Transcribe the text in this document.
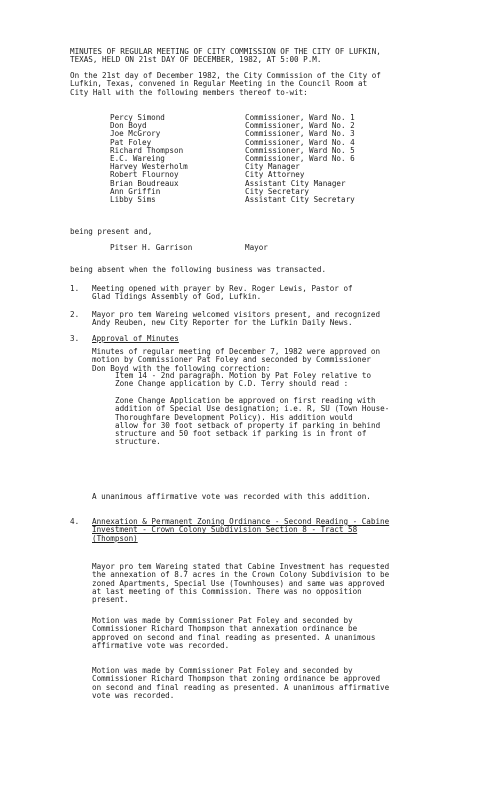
MINUTES OF REGULAR MEETING OF CITY COMMISSION OF THE CITY OF LUFKIN,
TEXAS, HELD ON 21st DAY OF DECEMBER, 1982, AT 5:00 P.M.
On the 21st day of December 1982, the City Commission of the City of
Lufkin, Texas, convened in Regular Meeting in the Council Room at
City Hall with the following members thereof to-wit:
Percy Simond	Commissioner, Ward No. 1
Don Boyd	Commissioner, Ward No. 2
Joe McGrory	Commissioner, Ward No. 3
Pat Foley	Commissioner, Ward No. 4
Richard Thompson	Commissioner, Ward No. 5
E.C. Wareing	Commissioner, Ward No. 6
Harvey Westerholm	City Manager
Robert Flournoy	City Attorney
Brian Boudreaux	Assistant City Manager
Ann Griffin	City Secretary
Libby Sims	Assistant City Secretary
being present and,
Pitser H. Garrison	Mayor
being absent when the following business was transacted.
1.	Meeting opened with prayer by Rev. Roger Lewis, Pastor of
Glad Tidings Assembly of God, Lufkin.
2.	Mayor pro tem Wareing welcomed visitors present, and recognized
Andy Reuben, new City Reporter for the Lufkin Daily News.
3.	Approval of Minutes
Minutes of regular meeting of December 7, 1982 were approved on
motion by Commissioner Pat Foley and seconded by Commissioner
Don Boyd with the following correction:
Item 14 - 2nd paragraph. Motion by Pat Foley relative to
Zone Change application by C.D. Terry should read :
Zone Change Application be approved on first reading with
addition of Special Use designation; i.e. R, SU (Town House-
Thoroughfare Development Policy). His addition would
allow for 30 foot setback of property if parking in behind
structure and 50 foot setback if parking is in front of
structure.
A unanimous affirmative vote was recorded with this addition.
4.	Annexation & Permanent Zoning Ordinance - Second Reading - Cabine
Investment - Crown Colony Subdivision Section 8 - Tract 58
(Thompson)
Mayor pro tem Wareing stated that Cabine Investment has requested
the annexation of 8.7 acres in the Crown Colony Subdivision to be
zoned Apartments, Special Use (Townhouses) and same was approved
at last meeting of this Commission. There was no opposition
present.
Motion was made by Commissioner Pat Foley and seconded by
Commissioner Richard Thompson that annexation ordinance be
approved on second and final reading as presented. A unanimous
affirmative vote was recorded.
Motion was made by Commissioner Pat Foley and seconded by
Commissioner Richard Thompson that zoning ordinance be approved
on second and final reading as presented. A unanimous affirmative
vote was recorded.
